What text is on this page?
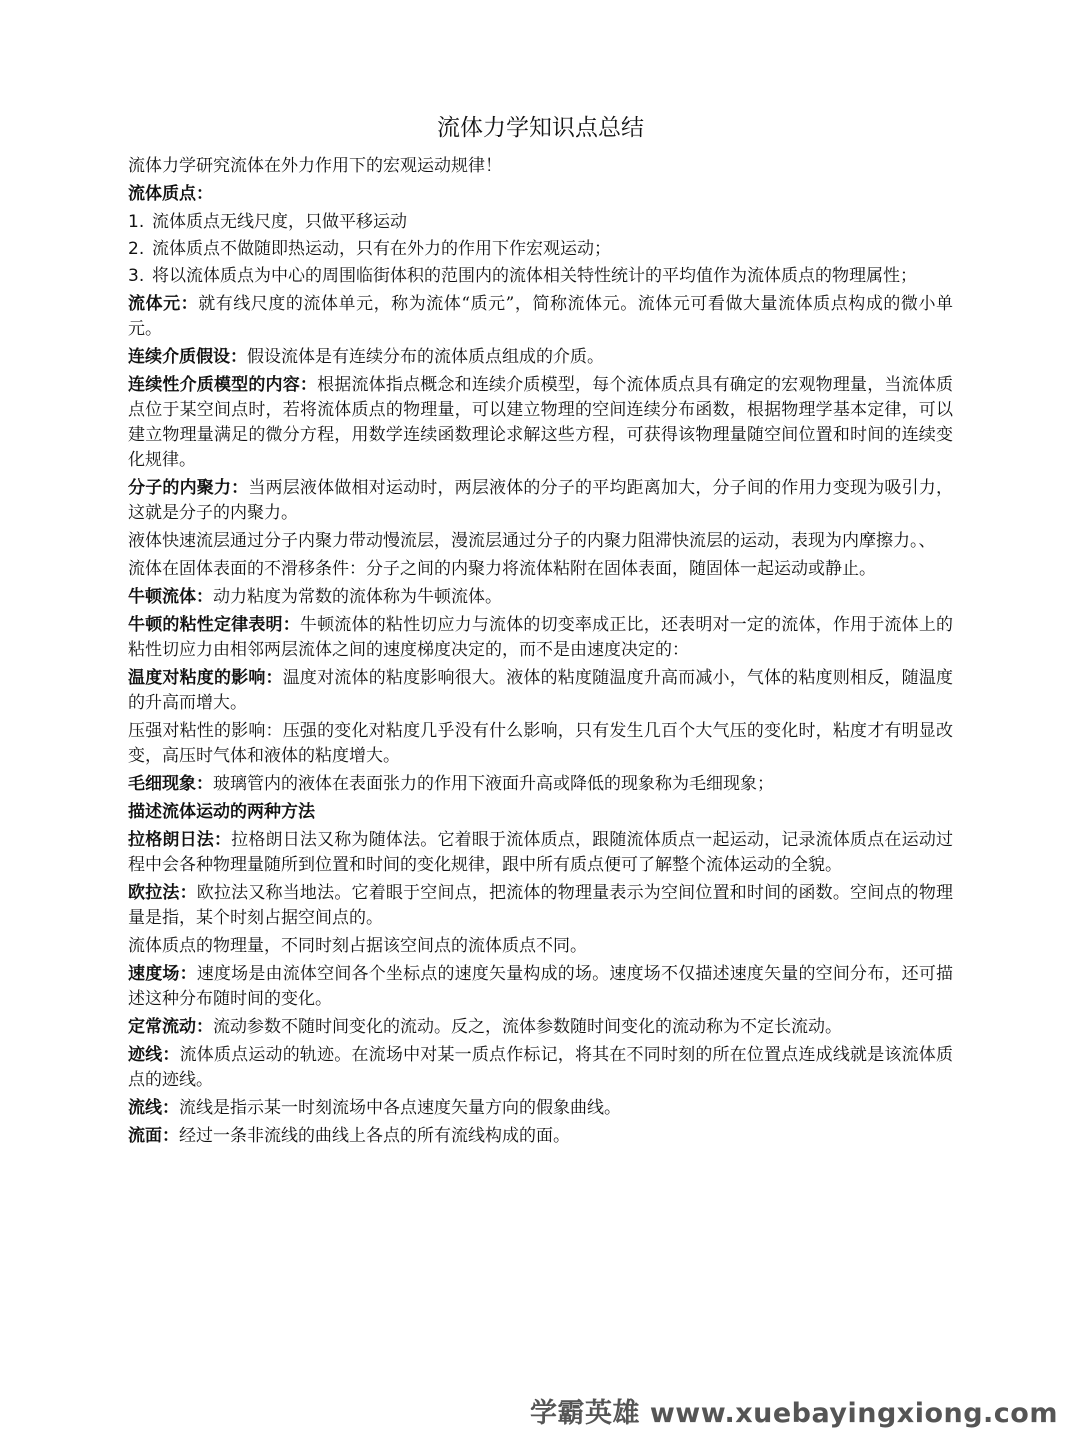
流体力学知识点总结

流体力学研究流体在外力作用下的宏观运动规律！

流体质点：
1. 流体质点无线尺度，只做平移运动
2. 流体质点不做随即热运动，只有在外力的作用下作宏观运动；
3. 将以流体质点为中心的周围临街体积的范围内的流体相关特性统计的平均值作为流体质点的物理属性；

流体元：就有线尺度的流体单元，称为流体“质元”，简称流体元。流体元可看做大量流体质点构成的微小单元。

连续介质假设：假设流体是有连续分布的流体质点组成的介质。

连续性介质模型的内容：根据流体指点概念和连续介质模型，每个流体质点具有确定的宏观物理量，当流体质点位于某空间点时，若将流体质点的物理量，可以建立物理的空间连续分布函数，根据物理学基本定律，可以建立物理量满足的微分方程，用数学连续函数理论求解这些方程，可获得该物理量随空间位置和时间的连续变化规律。

分子的内聚力：当两层液体做相对运动时，两层液体的分子的平均距离加大，分子间的作用力变现为吸引力，这就是分子的内聚力。

液体快速流层通过分子内聚力带动慢流层，漫流层通过分子的内聚力阻滞快流层的运动，表现为内摩擦力。、

流体在固体表面的不滑移条件：分子之间的内聚力将流体粘附在固体表面，随固体一起运动或静止。

牛顿流体：动力粘度为常数的流体称为牛顿流体。

牛顿的粘性定律表明：牛顿流体的粘性切应力与流体的切变率成正比，还表明对一定的流体，作用于流体上的粘性切应力由相邻两层流体之间的速度梯度决定的，而不是由速度决定的：

温度对粘度的影响：温度对流体的粘度影响很大。液体的粘度随温度升高而减小，气体的粘度则相反，随温度的升高而增大。

压强对粘性的影响：压强的变化对粘度几乎没有什么影响，只有发生几百个大气压的变化时，粘度才有明显改变，高压时气体和液体的粘度增大。

毛细现象：玻璃管内的液体在表面张力的作用下液面升高或降低的现象称为毛细现象；

描述流体运动的两种方法

拉格朗日法：拉格朗日法又称为随体法。它着眼于流体质点，跟随流体质点一起运动，记录流体质点在运动过程中会各种物理量随所到位置和时间的变化规律，跟中所有质点便可了解整个流体运动的全貌。

欧拉法：欧拉法又称当地法。它着眼于空间点，把流体的物理量表示为空间位置和时间的函数。空间点的物理量是指，某个时刻占据空间点的。

流体质点的物理量，不同时刻占据该空间点的流体质点不同。

速度场：速度场是由流体空间各个坐标点的速度矢量构成的场。速度场不仅描述速度矢量的空间分布，还可描述这种分布随时间的变化。

定常流动：流动参数不随时间变化的流动。反之，流体参数随时间变化的流动称为不定长流动。

迹线：流体质点运动的轨迹。在流场中对某一质点作标记，将其在不同时刻的所在位置点连成线就是该流体质点的迹线。

流线：流线是指示某一时刻流场中各点速度矢量方向的假象曲线。

流面：经过一条非流线的曲线上各点的所有流线构成的面。

学霸英雄 www.xuebayingxiong.com
